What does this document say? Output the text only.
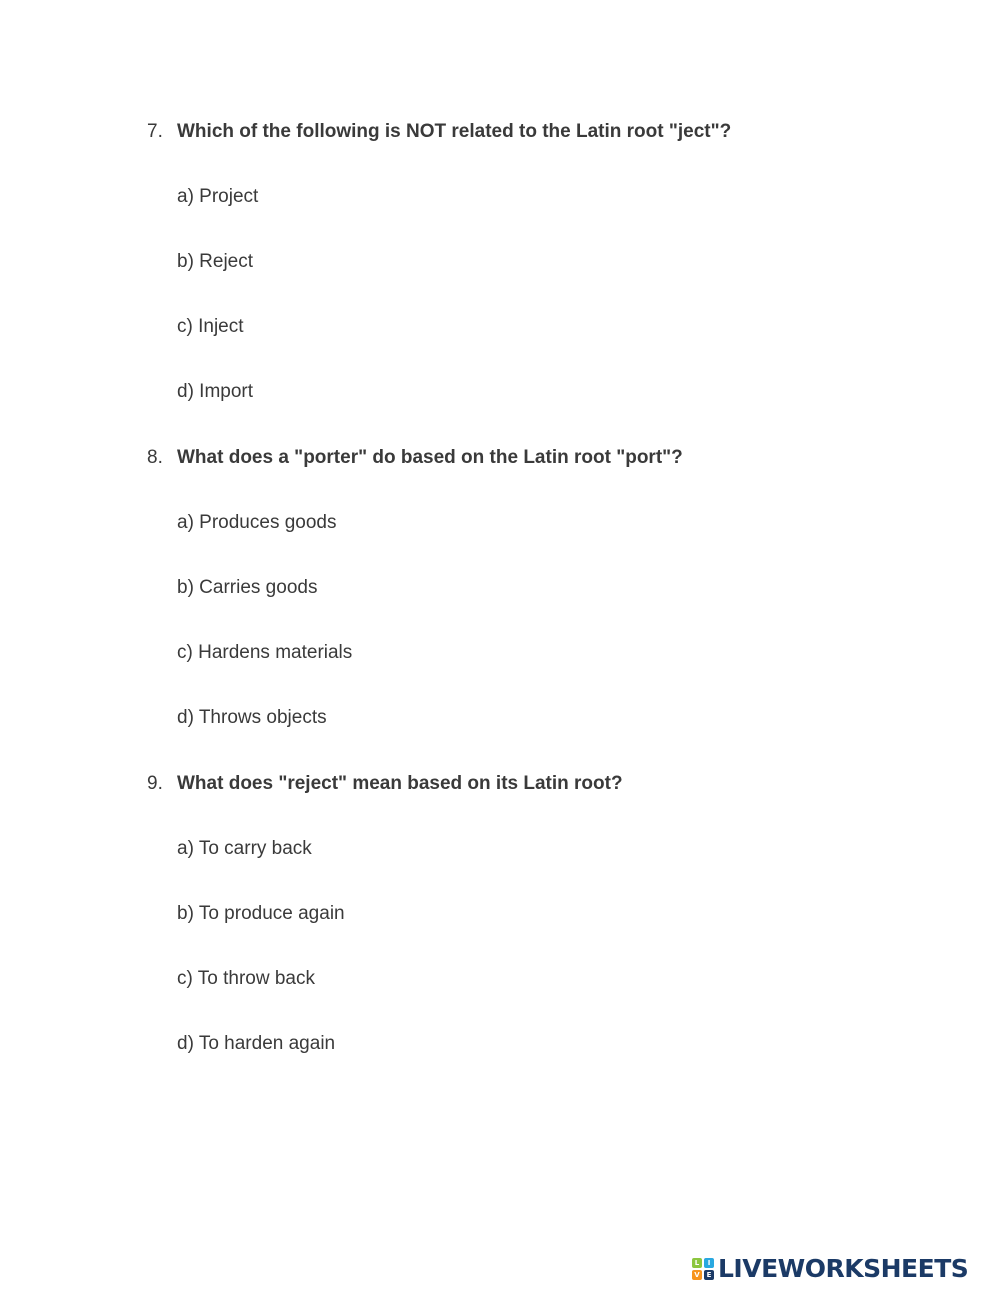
7. Which of the following is NOT related to the Latin root "ject"?
a) Project
b) Reject
c) Inject
d) Import
8. What does a "porter" do based on the Latin root "port"?
a) Produces goods
b) Carries goods
c) Hardens materials
d) Throws objects
9. What does "reject" mean based on its Latin root?
a) To carry back
b) To produce again
c) To throw back
d) To harden again
L	I
V E LIVEWORKSHEETS
